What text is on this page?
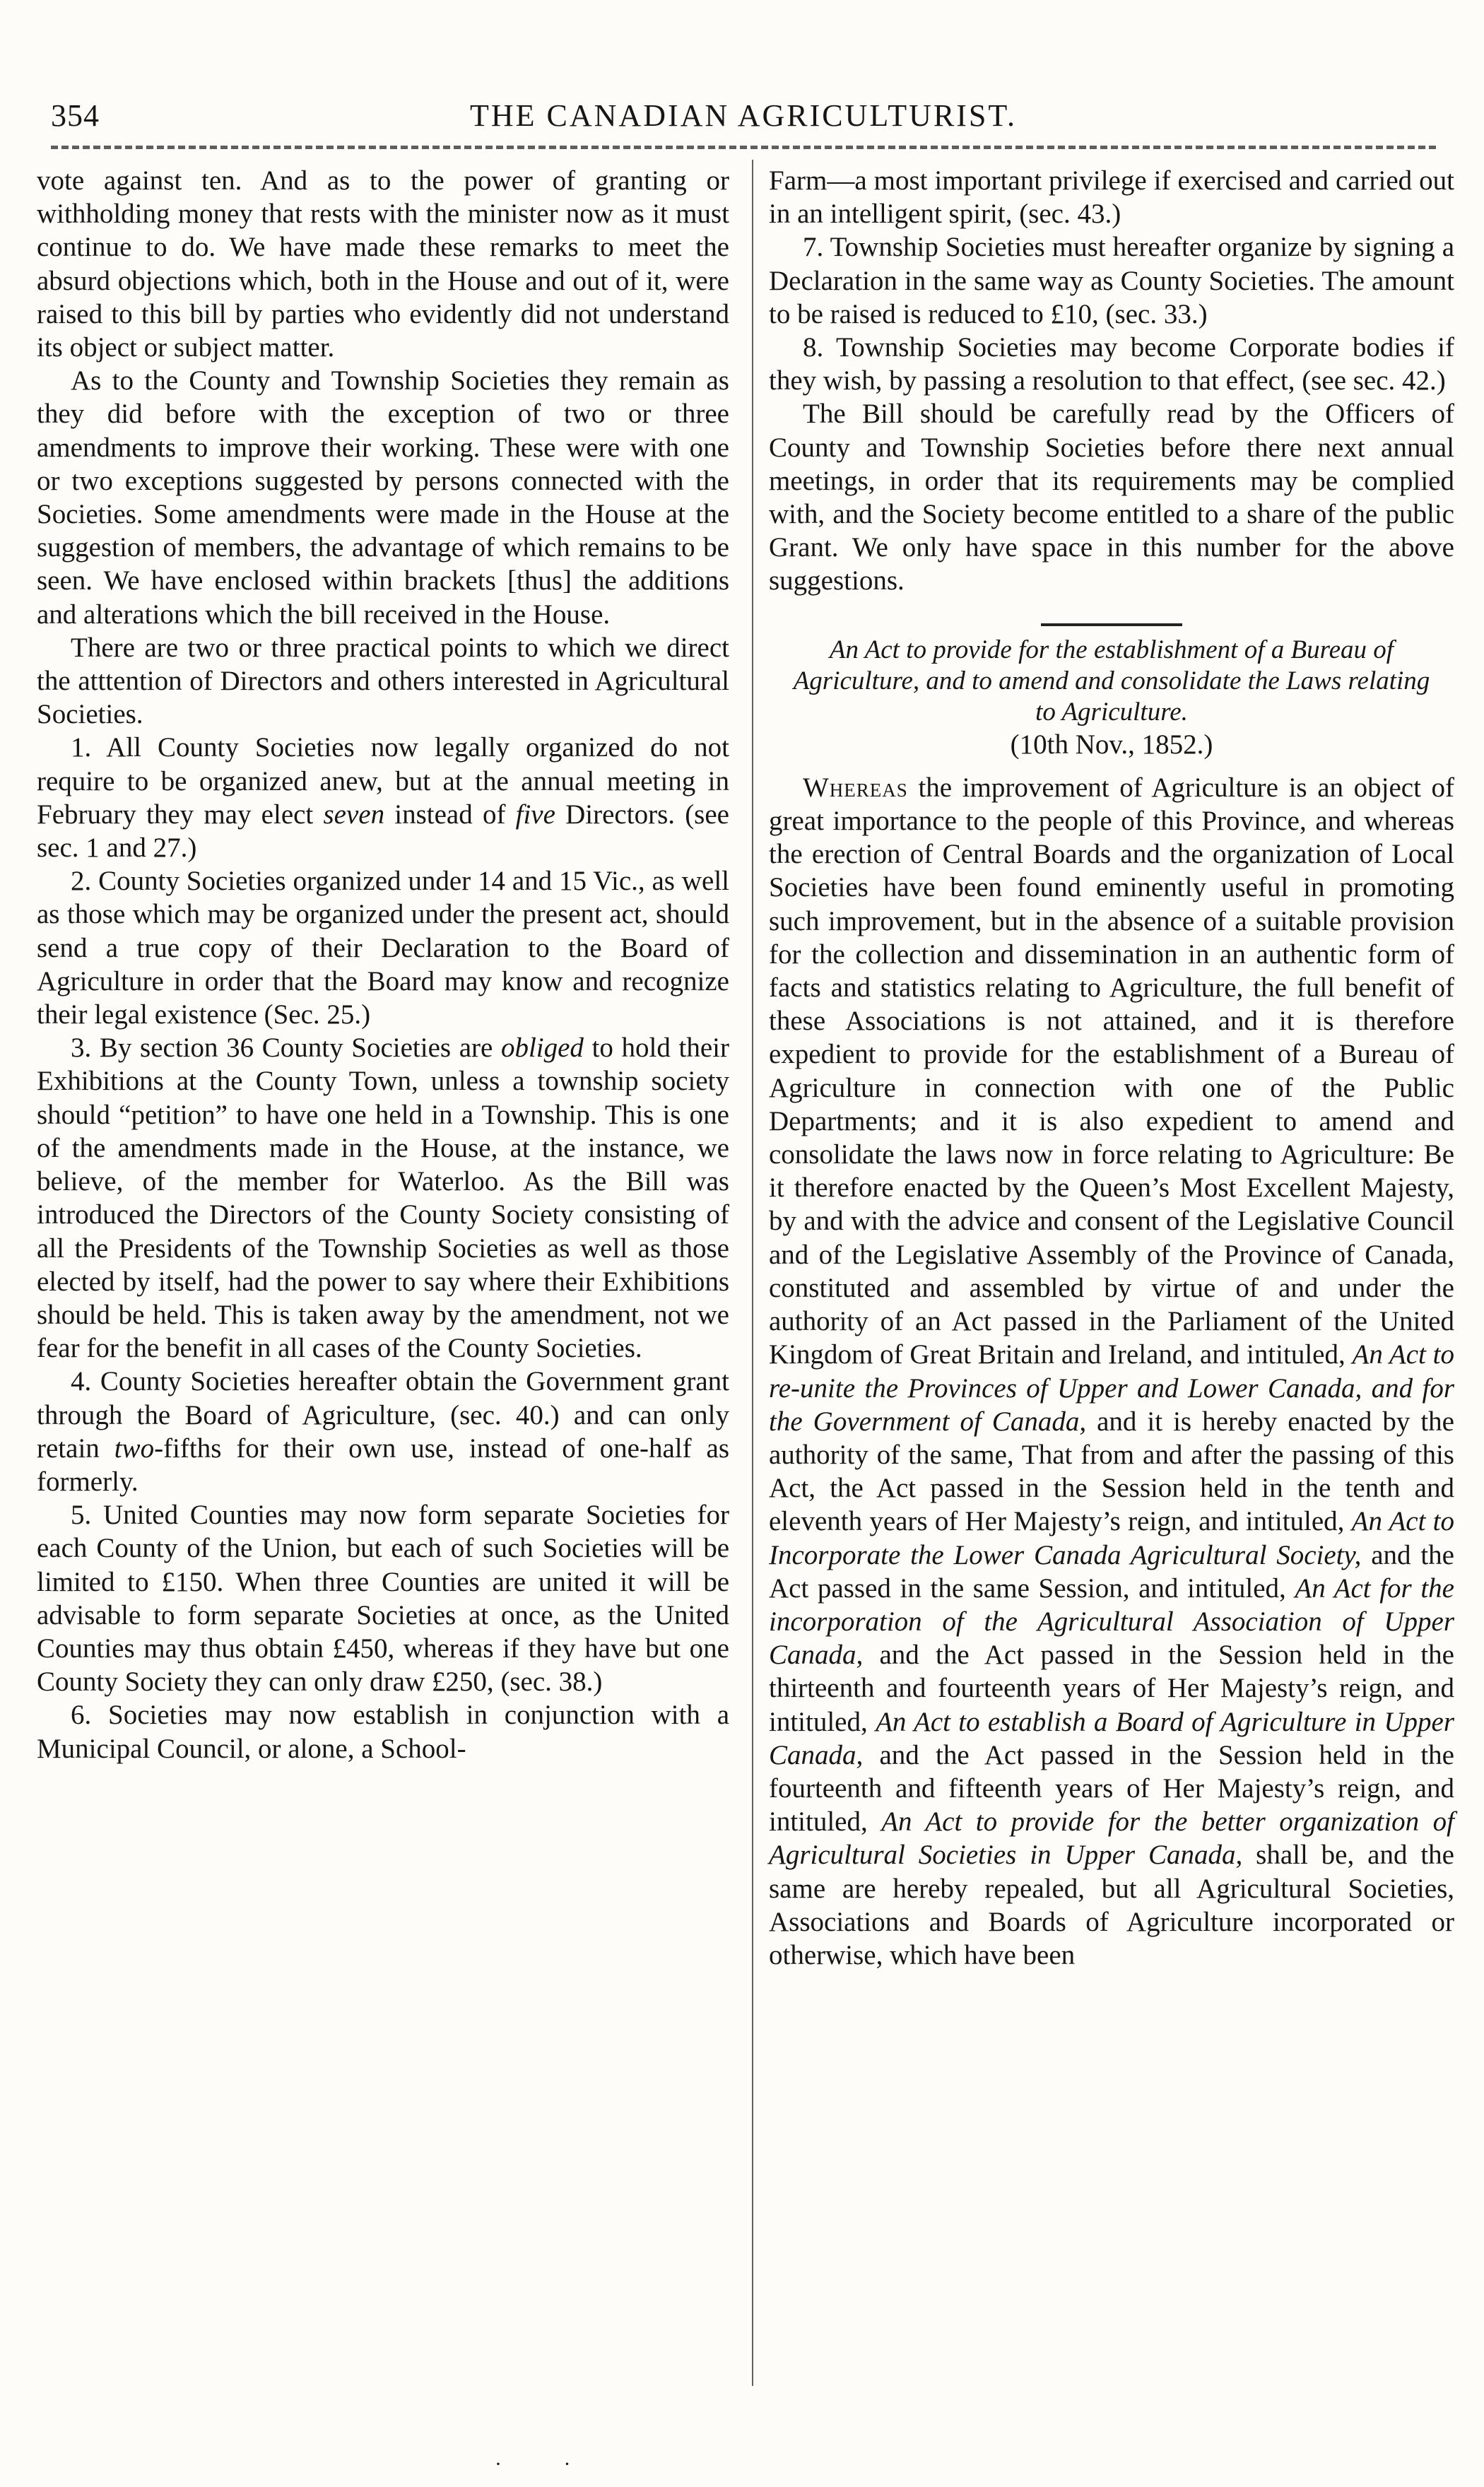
354	THE CANADIAN AGRICULTURIST.

vote against ten. And as to the power of granting or withholding money that rests with the minister now as it must continue to do. We have made these remarks to meet the absurd objections which, both in the House and out of it, were raised to this bill by parties who evidently did not understand its object or subject matter.

As to the County and Township Societies they remain as they did before with the exception of two or three amendments to improve their working. These were with one or two exceptions suggested by persons connected with the Societies. Some amendments were made in the House at the suggestion of members, the advantage of which remains to be seen. We have enclosed within brackets [thus] the additions and alterations which the bill received in the House.

There are two or three practical points to which we direct the atttention of Directors and others interested in Agricultural Societies.

1. All County Societies now legally organized do not require to be organized anew, but at the annual meeting in February they may elect seven instead of five Directors. (see sec. 1 and 27.)

2. County Societies organized under 14 and 15 Vic., as well as those which may be organized under the present act, should send a true copy of their Declaration to the Board of Agriculture in order that the Board may know and recognize their legal existence (Sec. 25.)

3. By section 36 County Societies are obliged to hold their Exhibitions at the County Town, unless a township society should “petition” to have one held in a Township. This is one of the amendments made in the House, at the instance, we believe, of the member for Waterloo. As the Bill was introduced the Directors of the County Society consisting of all the Presidents of the Township Societies as well as those elected by itself, had the power to say where their Exhibitions should be held. This is taken away by the amendment, not we fear for the benefit in all cases of the County Societies.

4. County Societies hereafter obtain the Government grant through the Board of Agriculture, (sec. 40.) and can only retain two-fifths for their own use, instead of one-half as formerly.

5. United Counties may now form separate Societies for each County of the Union, but each of such Societies will be limited to £150. When three Counties are united it will be advisable to form separate Societies at once, as the United Counties may thus obtain £450, whereas if they have but one County Society they can only draw £250, (sec. 38.)

6. Societies may now establish in conjunction with a Municipal Council, or alone, a School-

Farm—a most important privilege if exercised and carried out in an intelligent spirit, (sec. 43.)

7. Township Societies must hereafter organize by signing a Declaration in the same way as County Societies. The amount to be raised is reduced to £10, (sec. 33.)

8. Township Societies may become Corporate bodies if they wish, by passing a resolution to that effect, (see sec. 42.)

The Bill should be carefully read by the Officers of County and Township Societies before there next annual meetings, in order that its requirements may be complied with, and the Society become entitled to a share of the public Grant. We only have space in this number for the above suggestions.

An Act to provide for the establishment of a Bureau of Agriculture, and to amend and consolidate the Laws relating to Agriculture.

(10th Nov., 1852.)

Whereas the improvement of Agriculture is an object of great importance to the people of this Province, and whereas the erection of Central Boards and the organization of Local Societies have been found eminently useful in promoting such improvement, but in the absence of a suitable provision for the collection and dissemination in an authentic form of facts and statistics relating to Agriculture, the full benefit of these Associations is not attained, and it is therefore expedient to provide for the establishment of a Bureau of Agriculture in connection with one of the Public Departments; and it is also expedient to amend and consolidate the laws now in force relating to Agriculture: Be it therefore enacted by the Queen’s Most Excellent Majesty, by and with the advice and consent of the Legislative Council and of the Legislative Assembly of the Province of Canada, constituted and assembled by virtue of and under the authority of an Act passed in the Parliament of the United Kingdom of Great Britain and Ireland, and intituled, An Act to re-unite the Provinces of Upper and Lower Canada, and for the Government of Canada, and it is hereby enacted by the authority of the same, That from and after the passing of this Act, the Act passed in the Session held in the tenth and eleventh years of Her Majesty’s reign, and intituled, An Act to Incorporate the Lower Canada Agricultural Society, and the Act passed in the same Session, and intituled, An Act for the incorporation of the Agricultural Association of Upper Canada, and the Act passed in the Session held in the thirteenth and fourteenth years of Her Majesty’s reign, and intituled, An Act to establish a Board of Agriculture in Upper Canada, and the Act passed in the Session held in the fourteenth and fifteenth years of Her Majesty’s reign, and intituled, An Act to provide for the better organization of Agricultural Societies in Upper Canada, shall be, and the same are hereby repealed, but all Agricultural Societies, Associations and Boards of Agriculture incorporated or otherwise, which have been

· ·
